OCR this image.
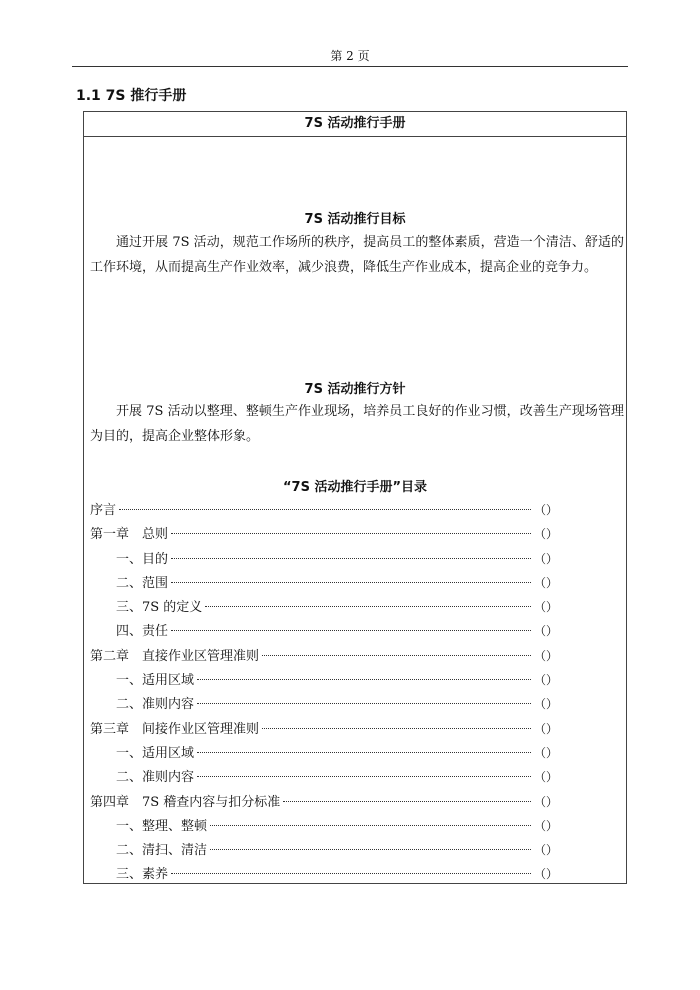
第 2 页
1.1 7S 推行手册
7S 活动推行手册
7S 活动推行目标

通过开展 7S 活动，规范工作场所的秩序，提高员工的整体素质，营造一个清洁、舒适的工作环境，从而提高生产作业效率，减少浪费，降低生产作业成本，提高企业的竞争力。

7S 活动推行方针

开展 7S 活动以整理、整顿生产作业现场，培养员工良好的作业习惯，改善生产现场管理为目的，提高企业整体形象。

“7S 活动推行手册”目录
序言	（）
第一章　总则	（）
一、目的	（）
二、范围	（）
三、7S 的定义	（）
四、责任	（）
第二章　直接作业区管理准则	（）
一、适用区域	（）
二、准则内容	（）
第三章　间接作业区管理准则	（）
一、适用区域	（）
二、准则内容	（）
第四章　7S 稽查内容与扣分标准	（）
一、整理、整顿	（）
二、清扫、清洁	（）
三、素养	（）
